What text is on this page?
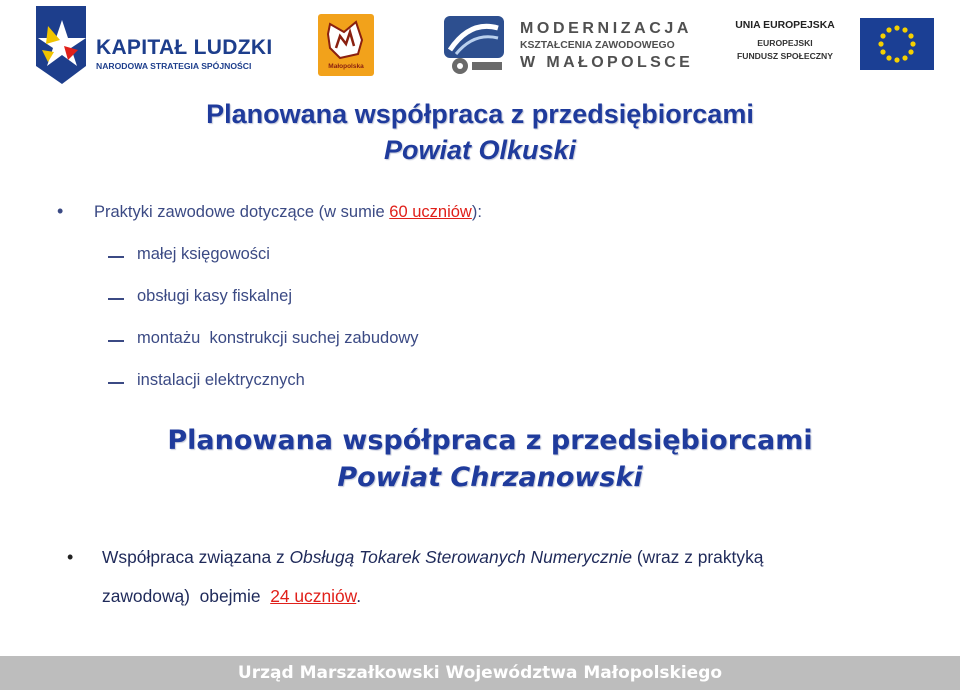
KAPITAŁ LUDZKI
NARODOWA STRATEGIA SPÓJNOŚCI	Małopolska
MODERNIZACJA
KSZTAŁCENIA ZAWODOWEGO
W MAŁOPOLSCE
UNIA EUROPEJSKA
EUROPEJSKI
FUNDUSZ SPOŁECZNY
Planowana współpraca z przedsiębiorcami
Powiat Olkuski
• Praktyki zawodowe dotyczące (w sumie 60 uczniów):
małej księgowości
obsługi kasy fiskalnej
montażu  konstrukcji suchej zabudowy
instalacji elektrycznych
Planowana współpraca z przedsiębiorcami
Powiat Chrzanowski
• Współpraca związana z Obsługą Tokarek Sterowanych Numerycznie (wraz z praktyką
zawodową)  obejmie  24 uczniów.
Urząd Marszałkowski Województwa Małopolskiego
